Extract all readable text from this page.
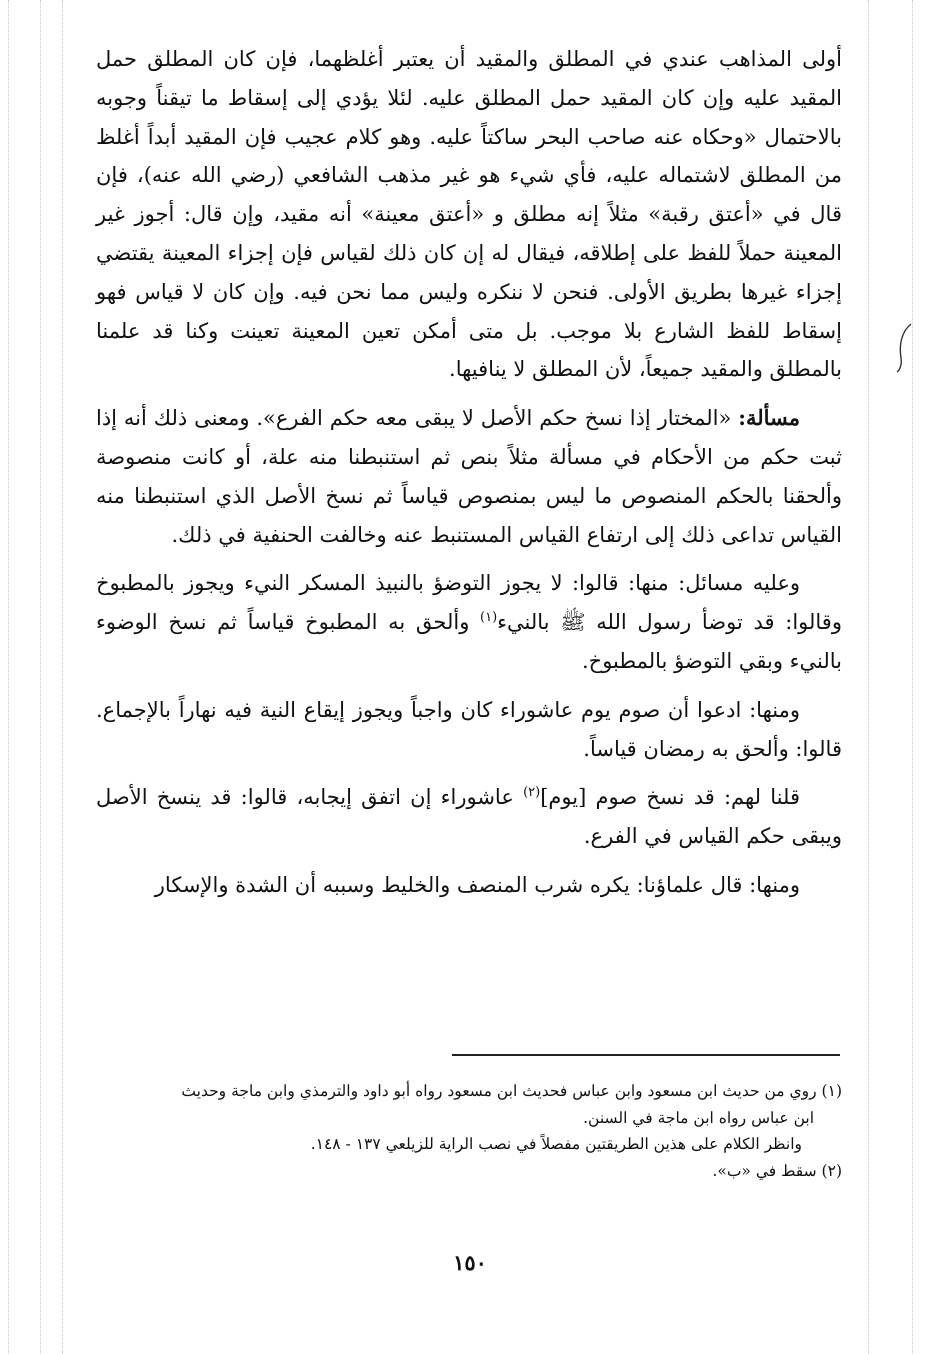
أولى المذاهب عندي في المطلق والمقيد أن يعتبر أغلظهما، فإن كان المطلق حمل المقيد عليه وإن كان المقيد حمل المطلق عليه. لئلا يؤدي إلى إسقاط ما تيقناً وجوبه بالاحتمال «وحكاه عنه صاحب البحر ساكتاً عليه. وهو كلام عجيب فإن المقيد أبداً أغلظ من المطلق لاشتماله عليه، فأي شيء هو غير مذهب الشافعي (رضي الله عنه)، فإن قال في «أعتق رقبة» مثلاً إنه مطلق و «أعتق معينة» أنه مقيد، وإن قال: أجوز غير المعينة حملاً للفظ على إطلاقه، فيقال له إن كان ذلك لقياس فإن إجزاء المعينة يقتضي إجزاء غيرها بطريق الأولى. فنحن لا ننكره وليس مما نحن فيه. وإن كان لا قياس فهو إسقاط للفظ الشارع بلا موجب. بل متى أمكن تعين المعينة تعينت وكنا قد علمنا بالمطلق والمقيد جميعاً، لأن المطلق لا ينافيها.

مسألة: «المختار إذا نسخ حكم الأصل لا يبقى معه حكم الفرع». ومعنى ذلك أنه إذا ثبت حكم من الأحكام في مسألة مثلاً بنص ثم استنبطنا منه علة، أو كانت منصوصة وألحقنا بالحكم المنصوص ما ليس بمنصوص قياساً ثم نسخ الأصل الذي استنبطنا منه القياس تداعى ذلك إلى ارتفاع القياس المستنبط عنه وخالفت الحنفية في ذلك.

وعليه مسائل: منها: قالوا: لا يجوز التوضؤ بالنبيذ المسكر النيء ويجوز بالمطبوخ وقالوا: قد توضأ رسول الله ﷺ بالنيء$^{(١)}$ وألحق به المطبوخ قياساً ثم نسخ الوضوء بالنيء وبقي التوضؤ بالمطبوخ.

ومنها: ادعوا أن صوم يوم عاشوراء كان واجباً ويجوز إيقاع النية فيه نهاراً بالإجماع. قالوا: وألحق به رمضان قياساً.

قلنا لهم: قد نسخ صوم [يوم]$^{(٢)}$ عاشوراء إن اتفق إيجابه، قالوا: قد ينسخ الأصل ويبقى حكم القياس في الفرع.

ومنها: قال علماؤنا: يكره شرب المنصف والخليط وسببه أن الشدة والإسكار

(١) روي من حديث ابن مسعود وابن عباس فحديث ابن مسعود رواه أبو داود والترمذي وابن ماجة وحديث

ابن عباس رواه ابن ماجة في السنن.

وانظر الكلام على هذين الطريقتين مفصلاً في نصب الراية للزيلعي ١٣٧ - ١٤٨.

(٢) سقط في «ب».

١٥٠
